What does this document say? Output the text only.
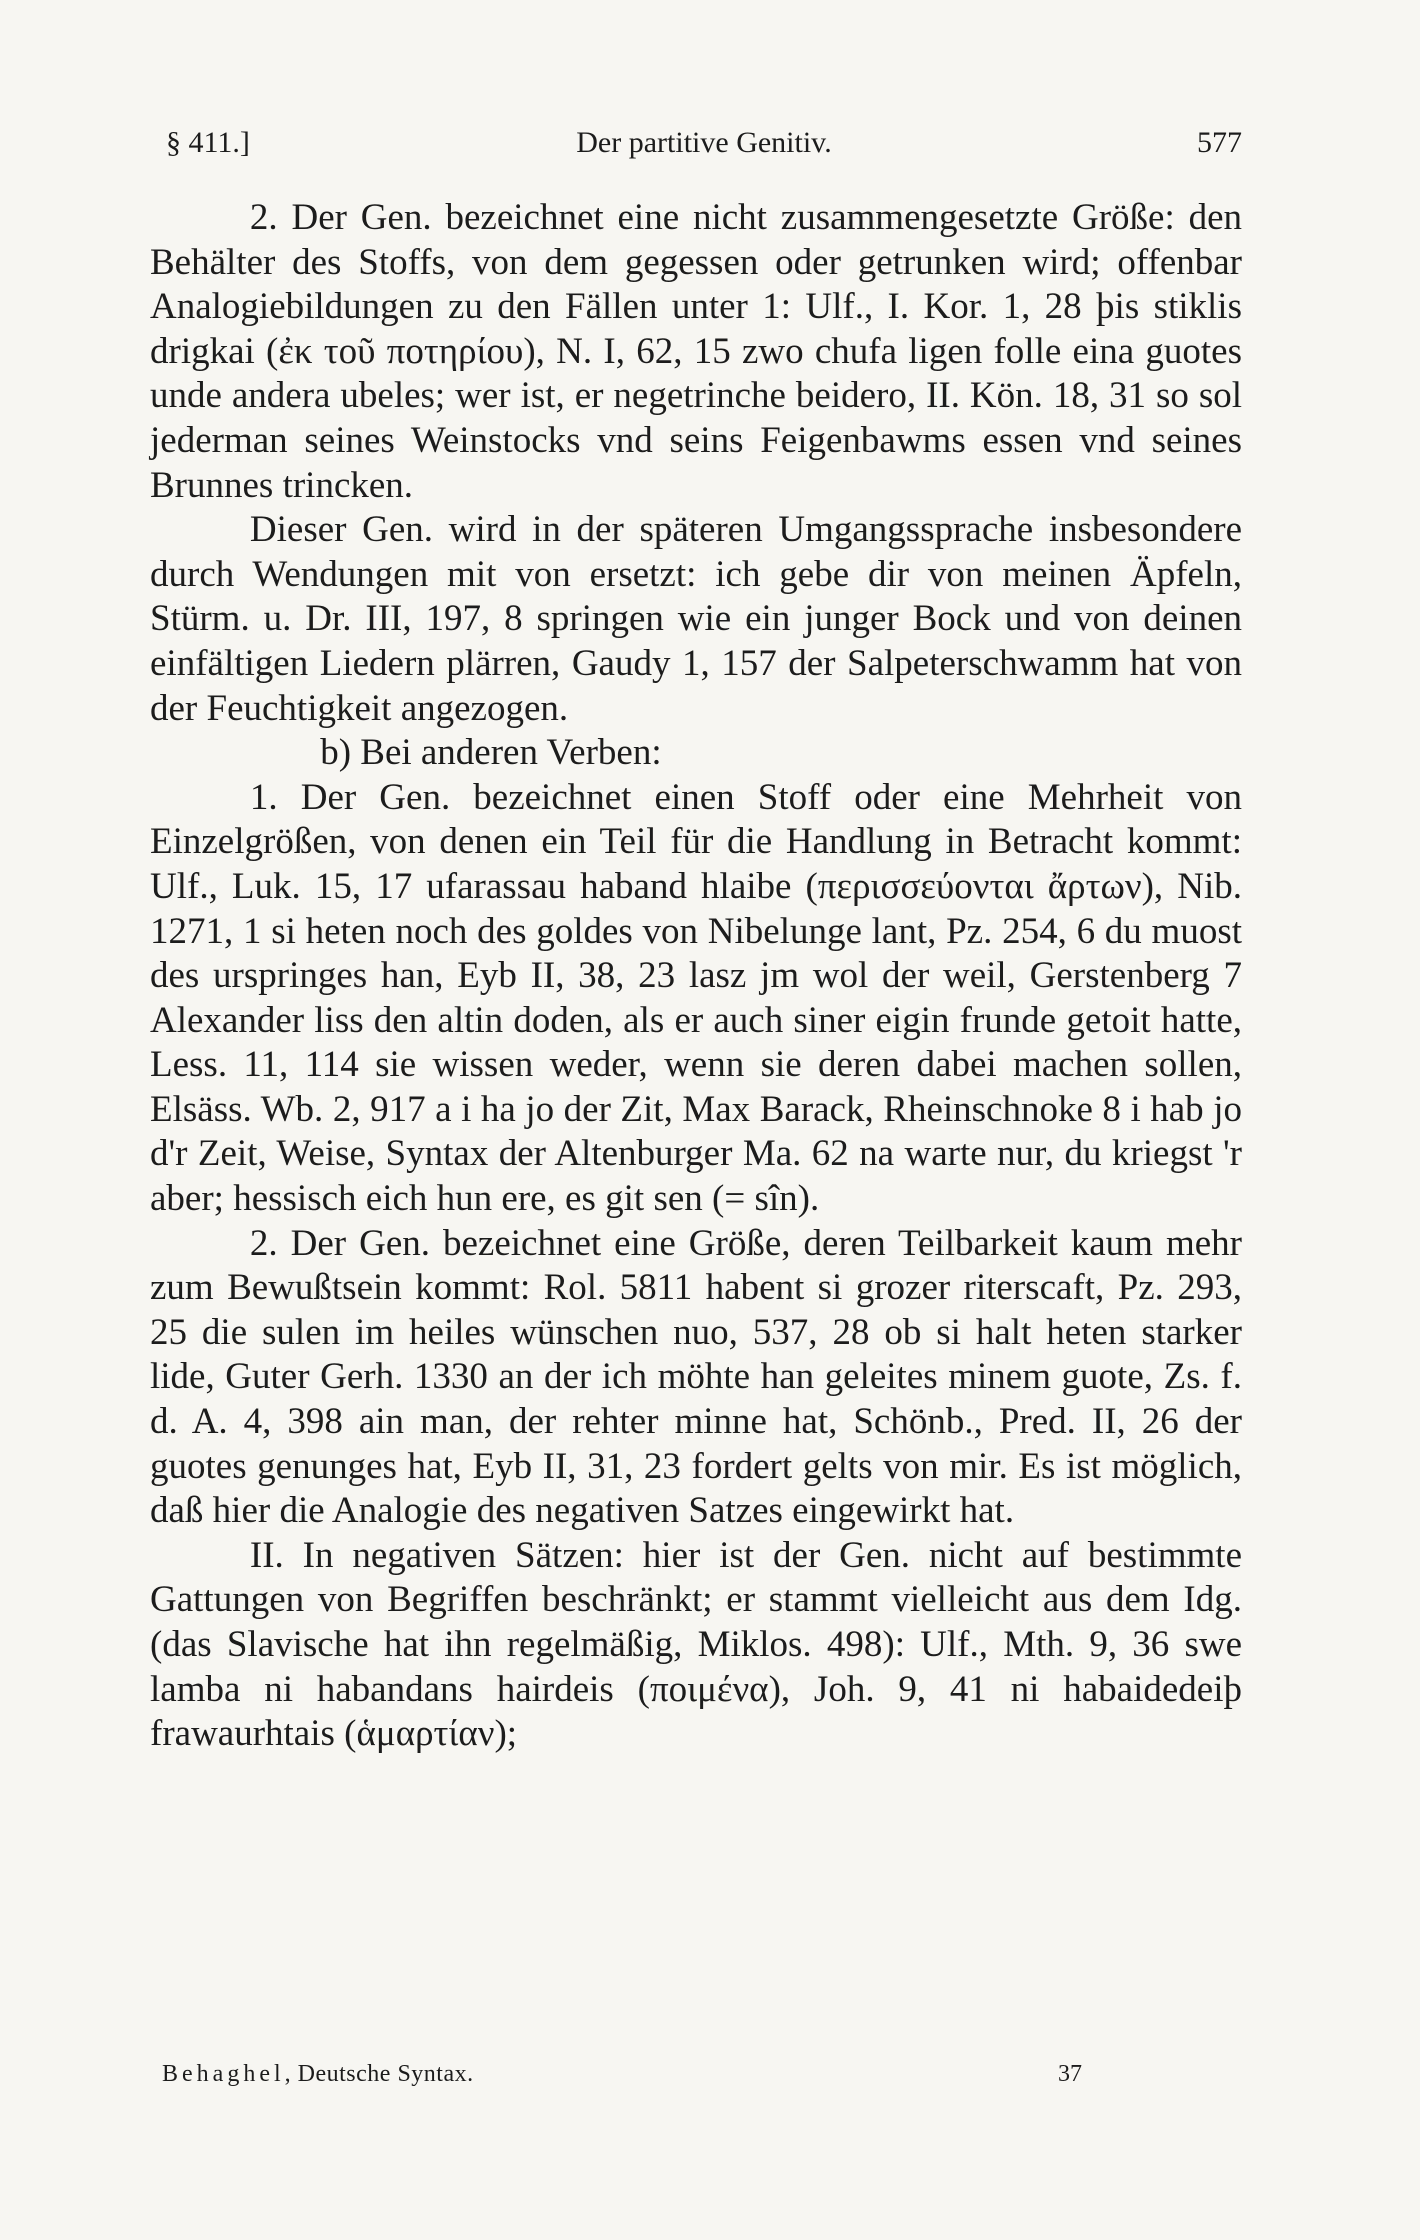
§ 411.]	Der partitive Genitiv.	577

2. Der Gen. bezeichnet eine nicht zusammengesetzte Größe: den Behälter des Stoffs, von dem gegessen oder getrunken wird; offenbar Analogiebildungen zu den Fällen unter 1: Ulf., I. Kor. 1, 28 þis stiklis drigkai (ἐκ τοῦ ποτηρίου), N. I, 62, 15 zwo chufa ligen folle eina guotes unde andera ubeles; wer ist, er negetrinche beidero, II. Kön. 18, 31 so sol jederman seines Weinstocks vnd seins Feigenbawms essen vnd seines Brunnes trincken.

Dieser Gen. wird in der späteren Umgangssprache insbesondere durch Wendungen mit von ersetzt: ich gebe dir von meinen Äpfeln, Stürm. u. Dr. III, 197, 8 springen wie ein junger Bock und von deinen einfältigen Liedern plärren, Gaudy 1, 157 der Salpeterschwamm hat von der Feuchtigkeit angezogen.

b) Bei anderen Verben:

1. Der Gen. bezeichnet einen Stoff oder eine Mehrheit von Einzelgrößen, von denen ein Teil für die Handlung in Betracht kommt: Ulf., Luk. 15, 17 ufarassau haband hlaibe (περισσεύονται ἄρτων), Nib. 1271, 1 si heten noch des goldes von Nibelunge lant, Pz. 254, 6 du muost des urspringes han, Eyb II, 38, 23 lasz jm wol der weil, Gerstenberg 7 Alexander liss den altin doden, als er auch siner eigin frunde getoit hatte, Less. 11, 114 sie wissen weder, wenn sie deren dabei machen sollen, Elsäss. Wb. 2, 917 a i ha jo der Zit, Max Barack, Rheinschnoke 8 i hab jo d'r Zeit, Weise, Syntax der Altenburger Ma. 62 na warte nur, du kriegst 'r aber; hessisch eich hun ere, es git sen (= sîn).

2. Der Gen. bezeichnet eine Größe, deren Teilbarkeit kaum mehr zum Bewußtsein kommt: Rol. 5811 habent si grozer riterscaft, Pz. 293, 25 die sulen im heiles wünschen nuo, 537, 28 ob si halt heten starker lide, Guter Gerh. 1330 an der ich möhte han geleites minem guote, Zs. f. d. A. 4, 398 ain man, der rehter minne hat, Schönb., Pred. II, 26 der guotes genunges hat, Eyb II, 31, 23 fordert gelts von mir. Es ist möglich, daß hier die Analogie des negativen Satzes eingewirkt hat.

II. In negativen Sätzen: hier ist der Gen. nicht auf bestimmte Gattungen von Begriffen beschränkt; er stammt vielleicht aus dem Idg. (das Slavische hat ihn regelmäßig, Miklos. 498): Ulf., Mth. 9, 36 swe lamba ni habandans hairdeis (ποιμένα), Joh. 9, 41 ni habaidedeiþ frawaurhtais (ἁμαρτίαν);

Behaghel, Deutsche Syntax.	37
